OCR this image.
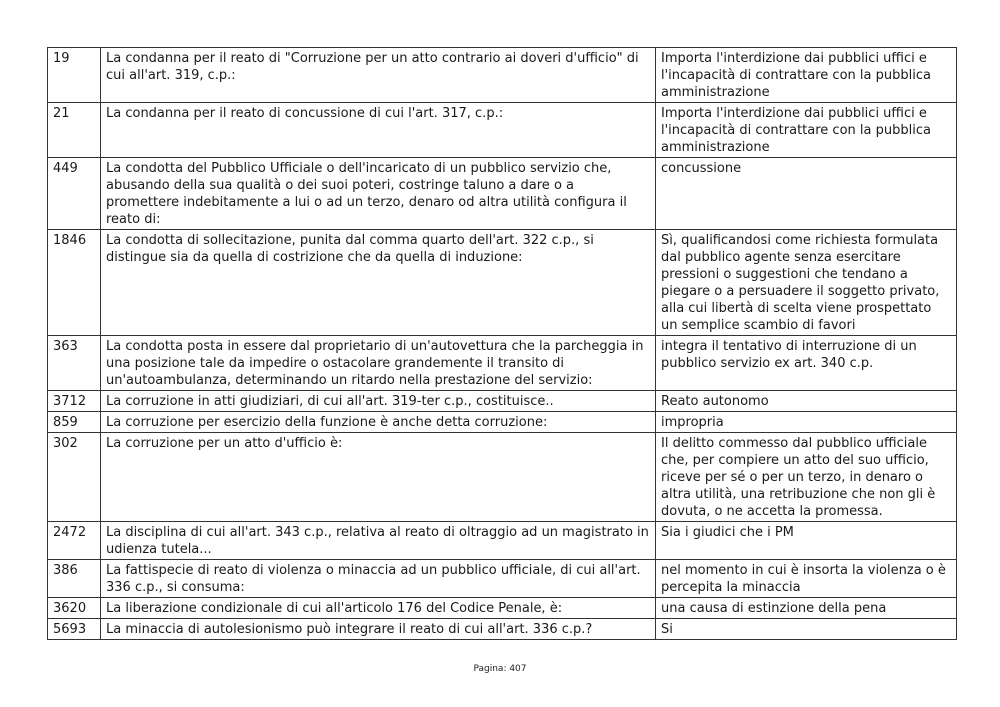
19	La condanna per il reato di "Corruzione per un atto contrario ai doveri d'ufficio" di cui all'art. 319, c.p.:	Importa l'interdizione dai pubblici uffici e l'incapacità di contrattare con la pubblica amministrazione
21	La condanna per il reato di concussione di cui l'art. 317, c.p.:	Importa l'interdizione dai pubblici uffici e l'incapacità di contrattare con la pubblica amministrazione
449	La condotta del Pubblico Ufficiale o dell'incaricato di un pubblico servizio che, abusando della sua qualità o dei suoi poteri, costringe taluno a dare o a promettere indebitamente a lui o ad un terzo, denaro od altra utilità configura il reato di:	concussione
1846	La condotta di sollecitazione, punita dal comma quarto dell'art. 322 c.p., si distingue sia da quella di costrizione che da quella di induzione:	Sì, qualificandosi come richiesta formulata dal pubblico agente senza esercitare pressioni o suggestioni che tendano a piegare o a persuadere il soggetto privato, alla cui libertà di scelta viene prospettato un semplice scambio di favori
363	La condotta posta in essere dal proprietario di un'autovettura che la parcheggia in una posizione tale da impedire o ostacolare grandemente il transito di un'autoambulanza, determinando un ritardo nella prestazione del servizio:	integra il tentativo di interruzione di un pubblico servizio ex art. 340 c.p.
3712	La corruzione in atti giudiziari, di cui all'art. 319-ter c.p., costituisce..	Reato autonomo
859	La corruzione per esercizio della funzione è anche detta corruzione:	impropria
302	La corruzione per un atto d'ufficio è:	Il delitto commesso dal pubblico ufficiale che, per compiere un atto del suo ufficio, riceve per sé o per un terzo, in denaro o altra utilità, una retribuzione che non gli è dovuta, o ne accetta la promessa.
2472	La disciplina di cui all'art. 343 c.p., relativa al reato di oltraggio ad un magistrato in udienza tutela...	Sia i giudici che i PM
386	La fattispecie di reato di violenza o minaccia ad un pubblico ufficiale, di cui all'art. 336 c.p., si consuma:	nel momento in cui è insorta la violenza o è percepita la minaccia
3620	La liberazione condizionale di cui all'articolo 176 del Codice Penale, è:	una causa di estinzione della pena
5693	La minaccia di autolesionismo può integrare il reato di cui all'art. 336 c.p.?	Si
Pagina: 407
